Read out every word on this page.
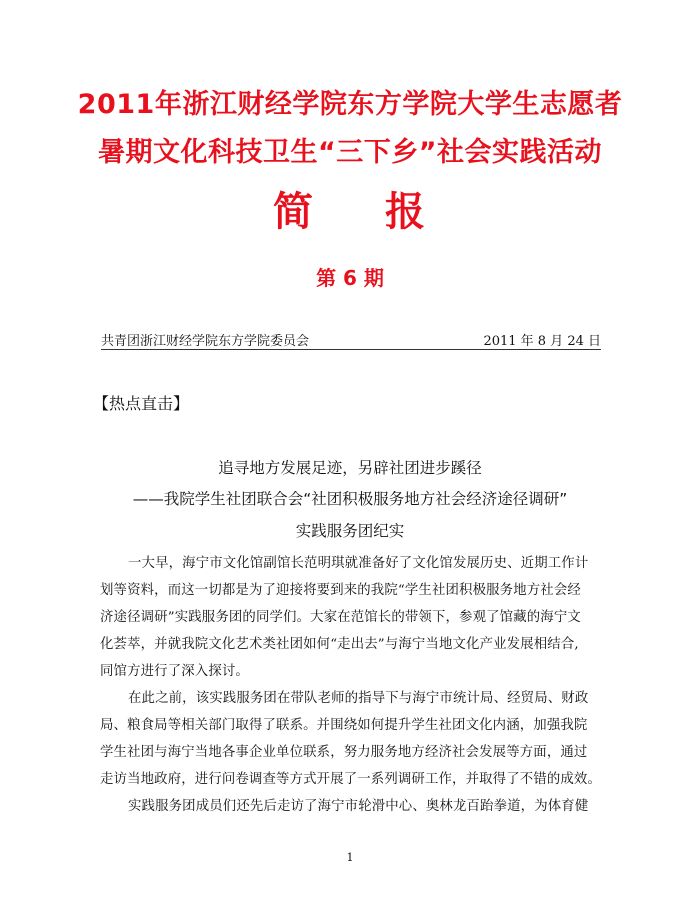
2011年浙江财经学院东方学院大学生志愿者
暑期文化科技卫生“三下乡”社会实践活动
简 报
第 6 期
共青团浙江财经学院东方学院委员会	2011 年 8 月 24 日
【热点直击】
追寻地方发展足迹，另辟社团进步蹊径
——我院学生社团联合会“社团积极服务地方社会经济途径调研”
实践服务团纪实
一大早，海宁市文化馆副馆长范明琪就准备好了文化馆发展历史、近期工作计
划等资料，而这一切都是为了迎接将要到来的我院“学生社团积极服务地方社会经
济途径调研”实践服务团的同学们。大家在范馆长的带领下，参观了馆藏的海宁文
化荟萃，并就我院文化艺术类社团如何“走出去”与海宁当地文化产业发展相结合,
同馆方进行了深入探讨。
在此之前，该实践服务团在带队老师的指导下与海宁市统计局、经贸局、财政
局、粮食局等相关部门取得了联系。并围绕如何提升学生社团文化内涵，加强我院
学生社团与海宁当地各事企业单位联系，努力服务地方经济社会发展等方面，通过
走访当地政府，进行问卷调查等方式开展了一系列调研工作，并取得了不错的成效。
实践服务团成员们还先后走访了海宁市轮滑中心、奥林龙百跆拳道，为体育健
1
